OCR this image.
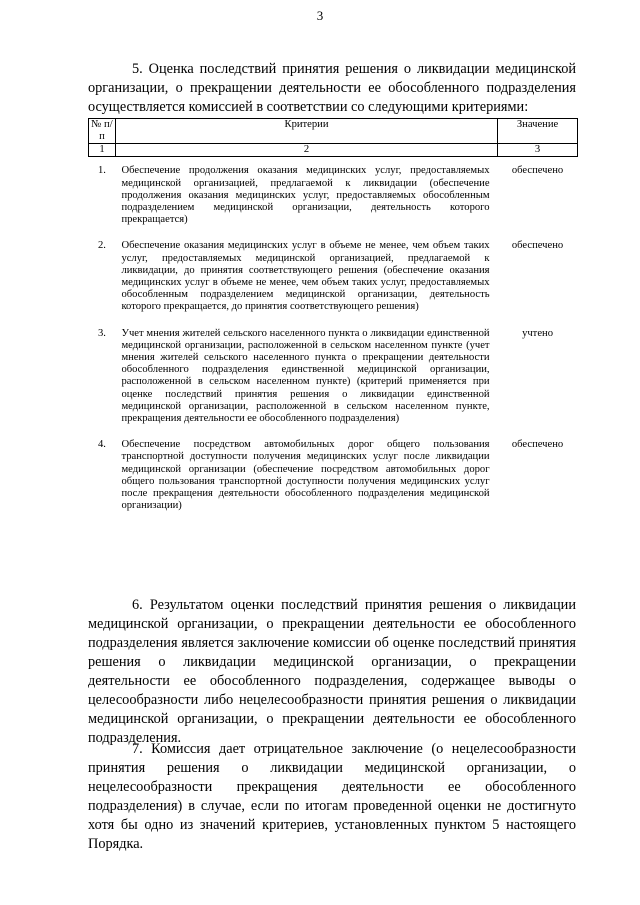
3

5. Оценка последствий принятия решения о ликвидации медицинской организации, о прекращении деятельности ее обособленного подразделения осуществляется комиссией в соответствии со следующими критериями:

№ п/п	Критерии	Значение
1	2	3

1.	Обеспечение продолжения оказания медицинских услуг, предоставляемых медицинской организацией, предлагаемой к ликвидации (обеспечение продолжения оказания медицинских услуг, предоставляемых обособленным подразделением медицинской организации, деятельность которого прекращается)	обеспечено

2.	Обеспечение оказания медицинских услуг в объеме не менее, чем объем таких услуг, предоставляемых медицинской организацией, предлагаемой к ликвидации, до принятия соответствующего решения (обеспечение оказания медицинских услуг в объеме не менее, чем объем таких услуг, предоставляемых обособленным подразделением медицинской организации, деятельность которого прекращается, до принятия соответствующего решения)	обеспечено

3.	Учет мнения жителей сельского населенного пункта о ликвидации единственной медицинской организации, расположенной в сельском населенном пункте (учет мнения жителей сельского населенного пункта о прекращении деятельности обособленного подразделения единственной медицинской организации, расположенной в сельском населенном пункте) (критерий применяется при оценке последствий принятия решения о ликвидации единственной медицинской организации, расположенной в сельском населенном пункте, прекращения деятельности ее обособленного подразделения)	учтено

4.	Обеспечение посредством автомобильных дорог общего пользования транспортной доступности получения медицинских услуг после ликвидации медицинской организации (обеспечение посредством автомобильных дорог общего пользования транспортной доступности получения медицинских услуг после прекращения деятельности обособленного подразделения медицинской организации)	обеспечено

6. Результатом оценки последствий принятия решения о ликвидации медицинской организации, о прекращении деятельности ее обособленного подразделения является заключение комиссии об оценке последствий принятия решения о ликвидации медицинской организации, о прекращении деятельности ее обособленного подразделения, содержащее выводы о целесообразности либо нецелесообразности принятия решения о ликвидации медицинской организации, о прекращении деятельности ее обособленного подразделения.

7. Комиссия дает отрицательное заключение (о нецелесообразности принятия решения о ликвидации медицинской организации, о нецелесообразности прекращения деятельности ее обособленного подразделения) в случае, если по итогам проведенной оценки не достигнуто хотя бы одно из значений критериев, установленных пунктом 5 настоящего Порядка.
